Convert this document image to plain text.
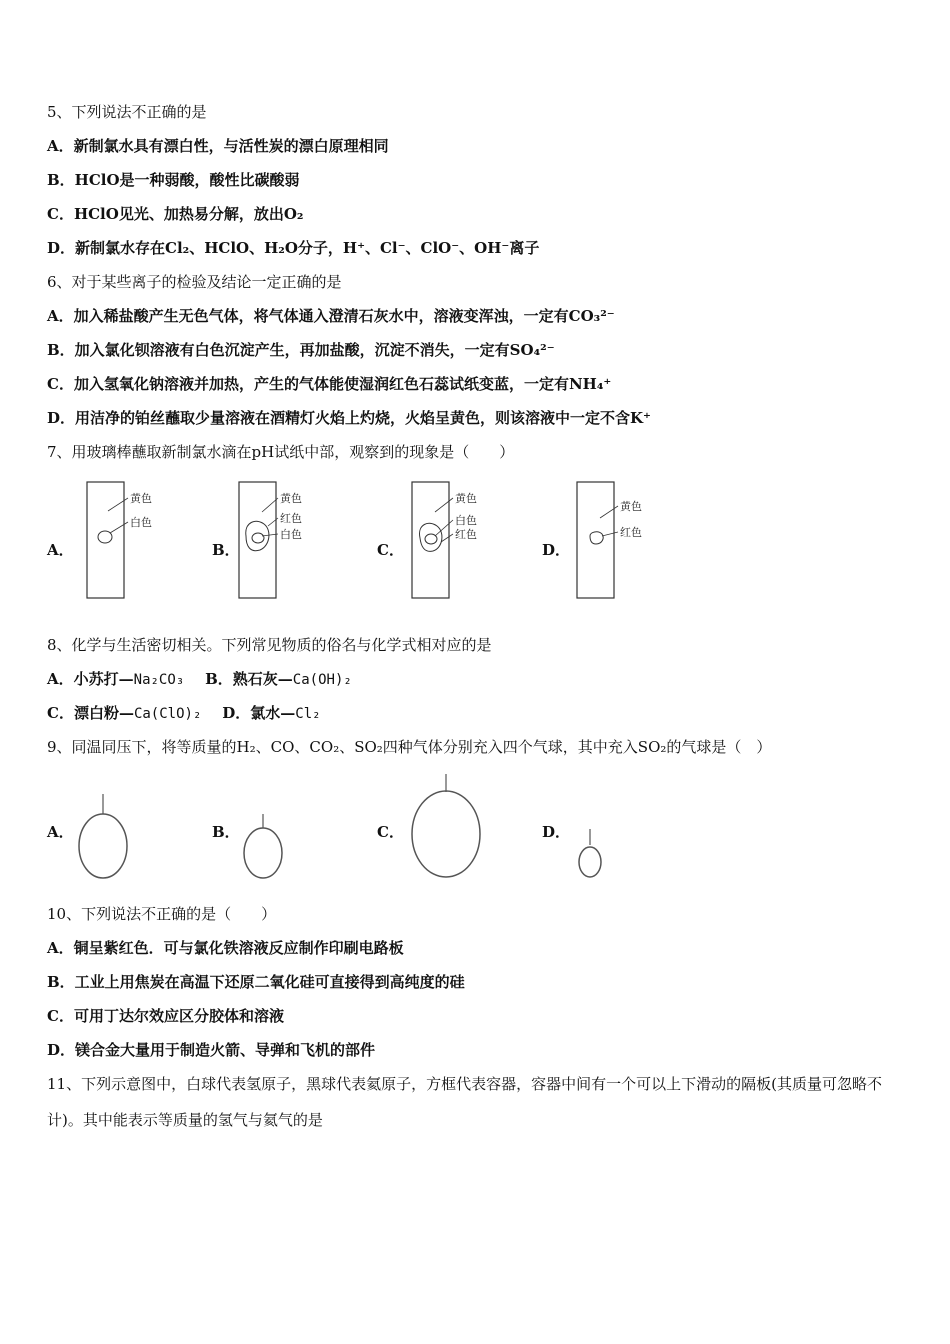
5、下列说法不正确的是
A．新制氯水具有漂白性，与活性炭的漂白原理相同
B．HClO是一种弱酸，酸性比碳酸弱
C．HClO见光、加热易分解，放出O₂
D．新制氯水存在Cl₂、HClO、H₂O分子，H⁺、Cl⁻、ClO⁻、OH⁻离子
6、对于某些离子的检验及结论一定正确的是
A．加入稀盐酸产生无色气体，将气体通入澄清石灰水中，溶液变浑浊，一定有CO₃²⁻
B．加入氯化钡溶液有白色沉淀产生，再加盐酸，沉淀不消失，一定有SO₄²⁻
C．加入氢氧化钠溶液并加热，产生的气体能使湿润红色石蕊试纸变蓝，一定有NH₄⁺
D．用洁净的铂丝蘸取少量溶液在酒精灯火焰上灼烧，火焰呈黄色，则该溶液中一定不含K⁺
7、用玻璃棒蘸取新制氯水滴在pH试纸中部，观察到的现象是（　　）
A．
黄色
白色
B．
黄色
红色
白色
C．
黄色
白色
红色
D．
黄色
红色
8、化学与生活密切相关。下列常见物质的俗名与化学式相对应的是
A．小苏打—Na₂CO₃ B．熟石灰—Ca(OH)₂
C．漂白粉—Ca(ClO)₂ D．氯水—Cl₂
9、同温同压下，将等质量的H₂、CO、CO₂、SO₂四种气体分别充入四个气球，其中充入SO₂的气球是（　）
A．	B．	C．	D．
10、下列说法不正确的是（　　）
A．铜呈紫红色．可与氯化铁溶液反应制作印刷电路板
B．工业上用焦炭在高温下还原二氧化硅可直接得到高纯度的硅
C．可用丁达尔效应区分胶体和溶液
D．镁合金大量用于制造火箭、导弹和飞机的部件
11、下列示意图中，白球代表氢原子，黑球代表氦原子，方框代表容器，容器中间有一个可以上下滑动的隔板(其质量可忽略不计)。其中能表示等质量的氢气与氦气的是
